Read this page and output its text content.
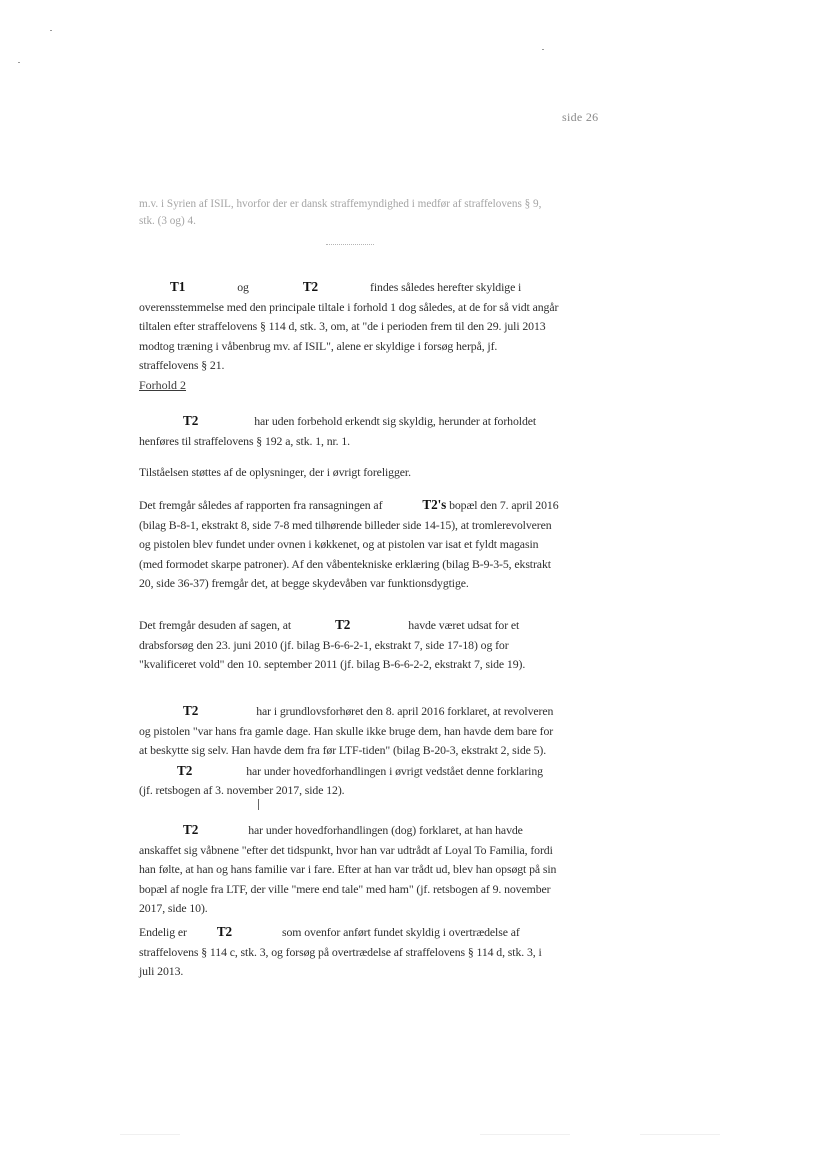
side 26
m.v. i Syrien af ISIL, hvorfor der er dansk straffemyndighed i medfør af straffelovens § 9, stk. (3 og) 4.

T1	og	T2	findes således herefter skyldige i overensstemmelse med den principale tiltale i forhold 1 dog således, at de for så vidt angår tiltalen efter straffelovens § 114 d, stk. 3, om, at "de i perioden frem til den 29. juli 2013 modtog træning i våbenbrug mv. af ISIL", alene er skyldige i forsøg herpå, jf. straffelovens § 21.

Forhold 2

T2	har uden forbehold erkendt sig skyldig, herunder at forholdet henføres til straffelovens § 192 a, stk. 1, nr. 1.

Tilståelsen støttes af de oplysninger, der i øvrigt foreligger.

Det fremgår således af rapporten fra ransagningen af	T2's bopæl den 7. april 2016 (bilag B-8-1, ekstrakt 8, side 7-8 med tilhørende billeder side 14-15), at tromlerevolveren og pistolen blev fundet under ovnen i køkkenet, og at pistolen var isat et fyldt magasin (med formodet skarpe patroner). Af den våbentekniske erklæring (bilag B-9-3-5, ekstrakt 20, side 36-37) fremgår det, at begge skydevåben var funktionsdygtige.

Det fremgår desuden af sagen, at	T2	havde været udsat for et drabsforsøg den 23. juni 2010 (jf. bilag B-6-6-2-1, ekstrakt 7, side 17-18) og for "kvalificeret vold" den 10. september 2011 (jf. bilag B-6-6-2-2, ekstrakt 7, side 19).

T2	har i grundlovsforhøret den 8. april 2016 forklaret, at revolveren og pistolen "var hans fra gamle dage. Han skulle ikke bruge dem, han havde dem bare for at beskytte sig selv. Han havde dem fra før LTF-tiden" (bilag B-20-3, ekstrakt 2, side 5).T2	har under hovedforhandlingen i øvrigt vedstået denne forklaring (jf. retsbogen af 3. november 2017, side 12).

T2	har under hovedforhandlingen (dog) forklaret, at han havde anskaffet sig våbnene "efter det tidspunkt, hvor han var udtrådt af Loyal To Familia, fordi han følte, at han og hans familie var i fare. Efter at han var trådt ud, blev han opsøgt på sin bopæl af nogle fra LTF, der ville "mere end tale" med ham" (jf. retsbogen af 9. november 2017, side 10).

Endelig er T2	som ovenfor anført fundet skyldig i overtrædelse af straffelovens § 114 c, stk. 3, og forsøg på overtrædelse af straffelovens § 114 d, stk. 3, i juli 2013.
